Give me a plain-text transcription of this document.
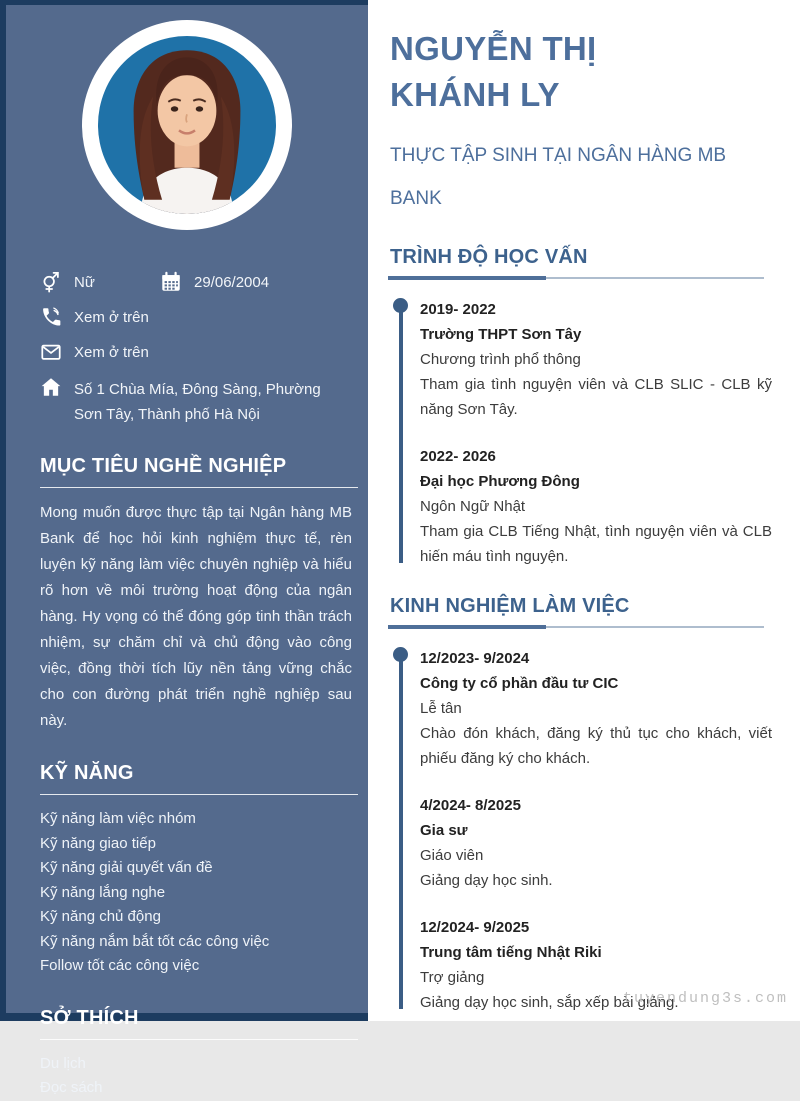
Nữ	29/06/2004
Xem ở trên
Xem ở trên
Số 1 Chùa Mía, Đông Sàng, Phường Sơn Tây, Thành phố Hà Nội
MỤC TIÊU NGHỀ NGHIỆP
Mong muốn được thực tập tại Ngân hàng MB Bank để học hỏi kinh nghiệm thực tế, rèn luyện kỹ năng làm việc chuyên nghiệp và hiểu rõ hơn về môi trường hoạt động của ngân hàng. Hy vọng có thể đóng góp tinh thần trách nhiệm, sự chăm chỉ và chủ động vào công việc, đồng thời tích lũy nền tảng vững chắc cho con đường phát triển nghề nghiệp sau này.
KỸ NĂNG
Kỹ năng làm việc nhóm
Kỹ năng giao tiếp
Kỹ năng giải quyết vấn đề
Kỹ năng lắng nghe
Kỹ năng chủ động
Kỹ năng nắm bắt tốt các công việc
Follow tốt các công việc
SỞ THÍCH
Du lịch
Đọc sách
NGUYỄN THỊ KHÁNH LY
THỰC TẬP SINH TẠI NGÂN HÀNG MB BANK
TRÌNH ĐỘ HỌC VẤN
2019- 2022
Trường THPT Sơn Tây
Chương trình phổ thông
Tham gia tình nguyện viên và CLB SLIC - CLB kỹ năng Sơn Tây.
2022- 2026
Đại học Phương Đông
Ngôn Ngữ Nhật
Tham gia CLB Tiếng Nhật, tình nguyện viên và CLB hiến máu tình nguyện.
KINH NGHIỆM LÀM VIỆC
12/2023- 9/2024
Công ty cổ phần đầu tư CIC
Lễ tân
Chào đón khách, đăng ký thủ tục cho khách, viết phiếu đăng ký cho khách.
4/2024- 8/2025
Gia sư
Giáo viên
Giảng dạy học sinh.
12/2024- 9/2025
Trung tâm tiếng Nhật Riki
Trợ giảng
Giảng dạy học sinh, sắp xếp bài giảng.
tuyendung3s.com
